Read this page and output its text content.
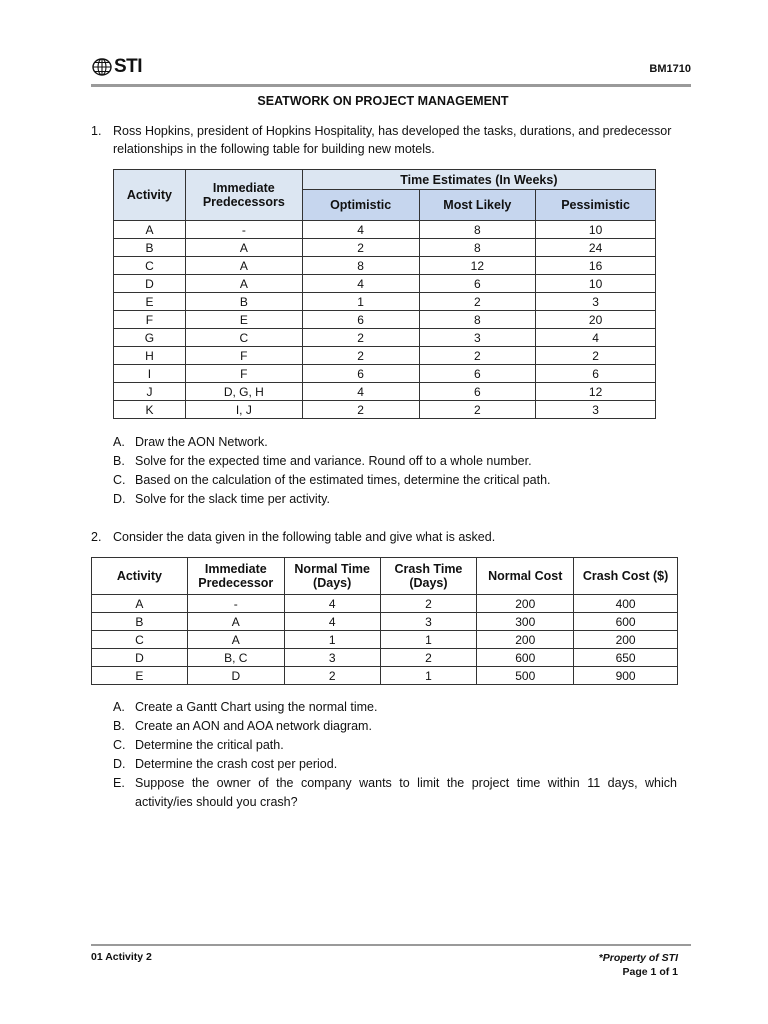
STI	BM1710
SEATWORK ON PROJECT MANAGEMENT
1. Ross Hopkins, president of Hopkins Hospitality, has developed the tasks, durations, and predecessor relationships in the following table for building new motels.
Activity	Immediate Predecessors	Time Estimates (In Weeks)		
		Optimistic	Most Likely	Pessimistic
A	-	4	8	10
B	A	2	8	24
C	A	8	12	16
D	A	4	6	10
E	B	1	2	3
F	E	6	8	20
G	C	2	3	4
H	F	2	2	2
I	F	6	6	6
J	D, G, H	4	6	12
K	I, J	2	2	3
A. Draw the AON Network.
B. Solve for the expected time and variance. Round off to a whole number.
C. Based on the calculation of the estimated times, determine the critical path.
D. Solve for the slack time per activity.
2. Consider the data given in the following table and give what is asked.
Activity	Immediate Predecessor	Normal Time (Days)	Crash Time (Days)	Normal Cost	Crash Cost ($)
A	-	4	2	200	400
B	A	4	3	300	600
C	A	1	1	200	200
D	B, C	3	2	600	650
E	D	2	1	500	900
A. Create a Gantt Chart using the normal time.
B. Create an AON and AOA network diagram.
C. Determine the critical path.
D. Determine the crash cost per period.
E. Suppose the owner of the company wants to limit the project time within 11 days, which activity/ies should you crash?
01 Activity 2	*Property of STI
Page 1 of 1
